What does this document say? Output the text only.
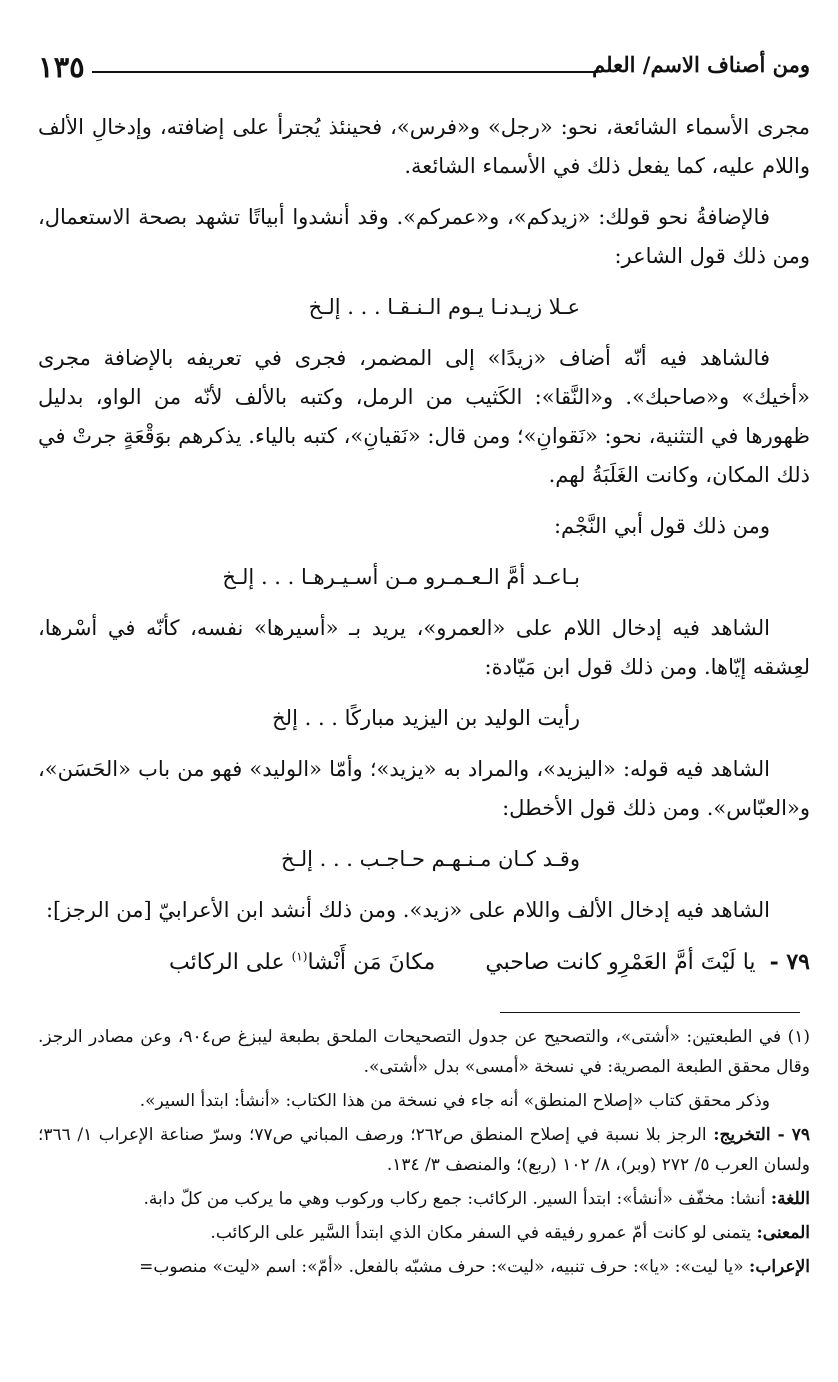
١٣٥	ومن أصناف الاسم/ العلم

مجرى الأسماء الشائعة، نحو: «رجل» و«فرس»، فحينئذ يُجترأ على إضافته، وإدخالِ الألف واللام عليه، كما يفعل ذلك في الأسماء الشائعة.

فالإضافةُ نحو قولك: «زيدكم»، و«عمركم». وقد أنشدوا أبياتًا تشهد بصحة الاستعمال، ومن ذلك قول الشاعر:

عـلا زيـدنـا يـوم الـنـقـا . . . إلـخ

فالشاهد فيه أنّه أضاف «زيدًا» إلى المضمر، فجرى في تعريفه بالإضافة مجرى «أخيك» و«صاحبك». و«النَّقا»: الكَثيب من الرمل، وكتبه بالألف لأنّه من الواو، بدليل ظهورها في التثنية، نحو: «نَقوانِ»؛ ومن قال: «نَقيانِ»، كتبه بالياء. يذكرهم بوَقْعَةٍ جرتْ في ذلك المكان، وكانت الغَلَبَةُ لهم.

ومن ذلك قول أبي النَّجْم:

بـاعـد أمَّ الـعـمـرو مـن أسـيـرهـا . . . إلـخ

الشاهد فيه إدخال اللام على «العمرو»، يريد بـ «أسيرها» نفسه، كأنّه في أسْرها، لعِشقه إيّاها. ومن ذلك قول ابن مَيّادة:

رأيت الوليد بن اليزيد مباركًا . . . إلخ

الشاهد فيه قوله: «اليزيد»، والمراد به «يزيد»؛ وأمّا «الوليد» فهو من باب «الحَسَن»، و«العبّاس». ومن ذلك قول الأخطل:

وقـد كـان مـنـهـم حـاجـب . . . إلـخ

الشاهد فيه إدخال الألف واللام على «زيد». ومن ذلك أنشد ابن الأعرابيّ [من الرجز]:

٧٩ -
يا لَيْتَ أمَّ العَمْرِو كانت صاحبي
مكانَ مَن أَنْشا$^{(١)}$ على الركائب

(١) في الطبعتين: «أشتى»، والتصحيح عن جدول التصحيحات الملحق بطبعة ليبزغ ص٩٠٤، وعن مصادر الرجز. وقال محقق الطبعة المصرية: في نسخة «أمسى» بدل «أشتى».

وذكر محقق كتاب «إصلاح المنطق» أنه جاء في نسخة من هذا الكتاب: «أنشأ: ابتدأ السير».

٧٩ - التخريج: الرجز بلا نسبة في إصلاح المنطق ص٢٦٢؛ ورصف المباني ص٧٧؛ وسرّ صناعة الإعراب ١/ ٣٦٦؛ ولسان العرب ٥/ ٢٧٢ (وبر)، ٨/ ١٠٢ (ربع)؛ والمنصف ٣/ ١٣٤.

اللغة: أنشا: مخفّف «أنشأ»: ابتدأ السير. الركائب: جمع ركاب وركوب وهي ما يركب من كلّ دابة.

المعنى: يتمنى لو كانت أمّ عمرو رفيقه في السفر مكان الذي ابتدأ السَّير على الركائب.

الإعراب: «يا ليت»: «يا»: حرف تنبيه، «ليت»: حرف مشبّه بالفعل. «أمّ»: اسم «ليت» منصوب=
